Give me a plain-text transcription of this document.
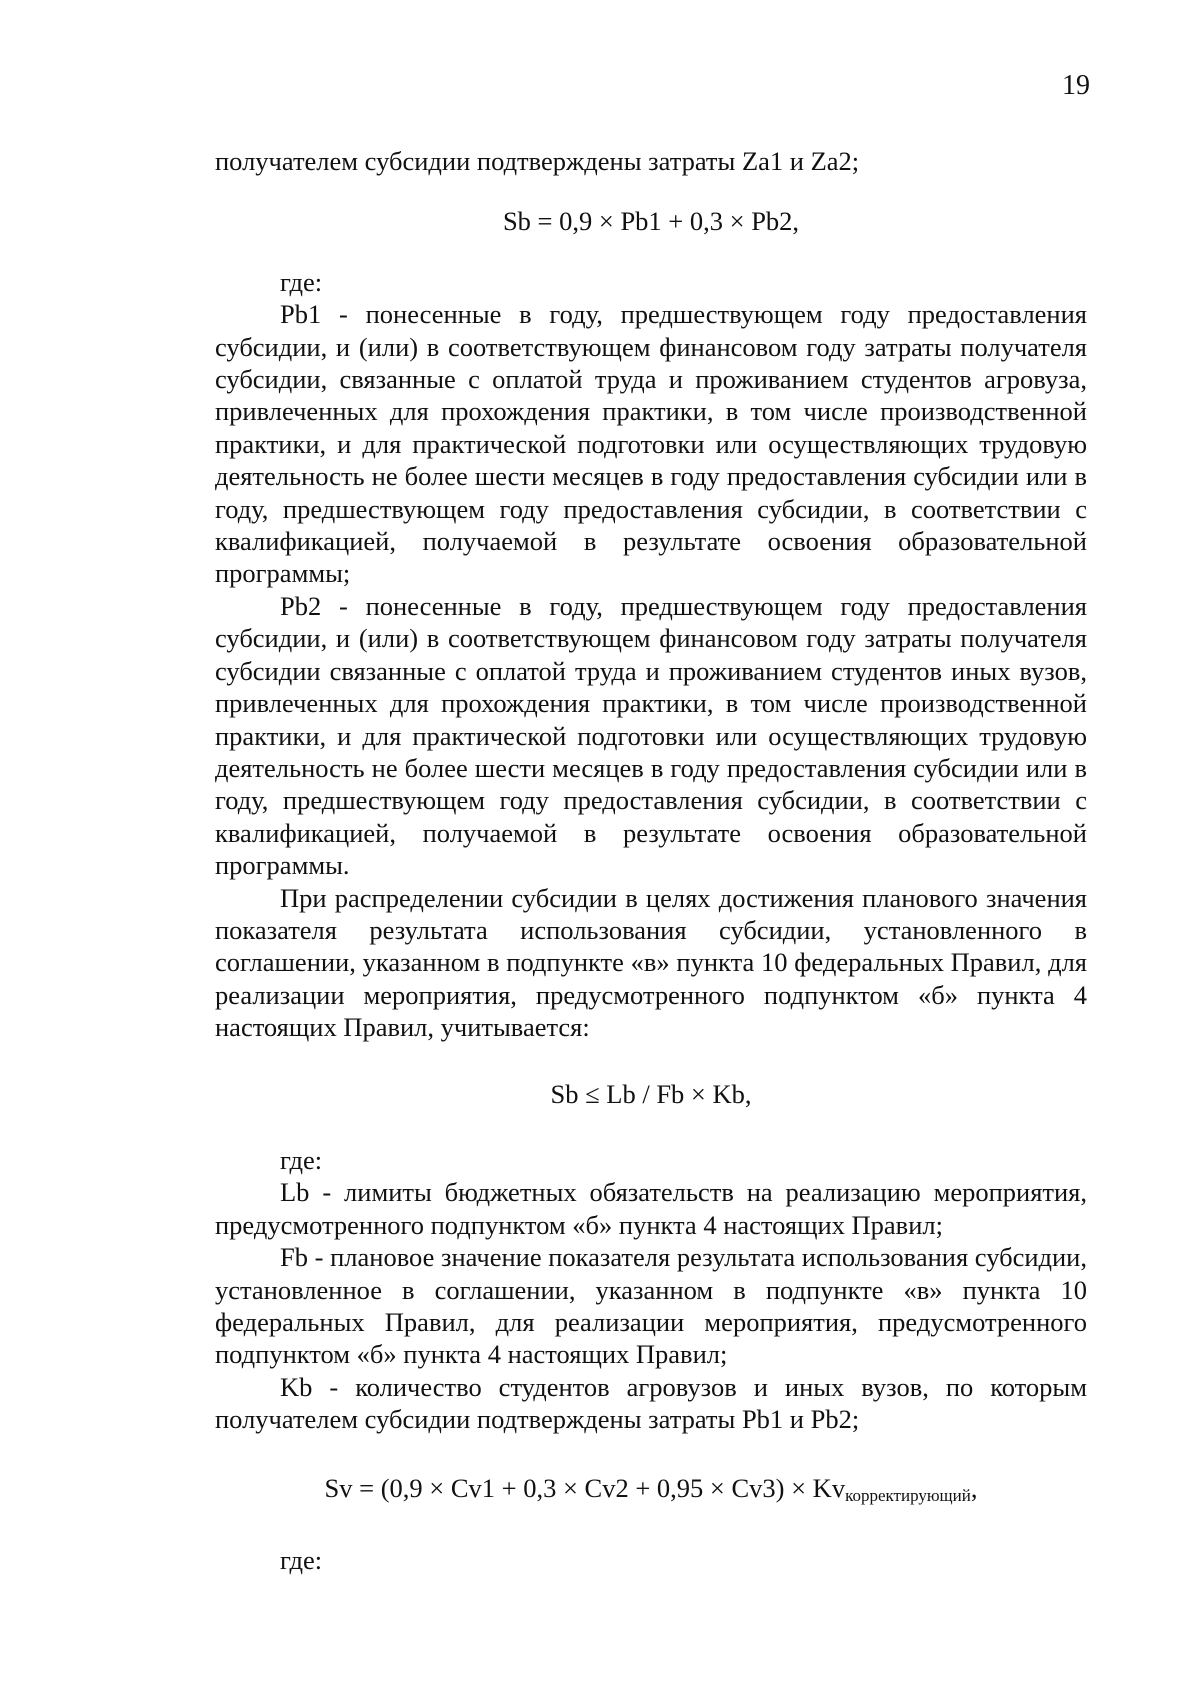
19

получателем субсидии подтверждены затраты Za1 и Za2;

Sb = 0,9 × Pb1 + 0,3 × Pb2,

где:

Pb1 - понесенные в году, предшествующем году предоставления субсидии, и (или) в соответствующем финансовом году затраты получателя субсидии, связанные с оплатой труда и проживанием студентов агровуза, привлеченных для прохождения практики, в том числе производственной практики, и для практической подготовки или осуществляющих трудовую деятельность не более шести месяцев в году предоставления субсидии или в году, предшествующем году предоставления субсидии, в соответствии с квалификацией, получаемой в результате освоения образовательной программы;

Pb2 - понесенные в году, предшествующем году предоставления субсидии, и (или) в соответствующем финансовом году затраты получателя субсидии связанные с оплатой труда и проживанием студентов иных вузов, привлеченных для прохождения практики, в том числе производственной практики, и для практической подготовки или осуществляющих трудовую деятельность не более шести месяцев в году предоставления субсидии или в году, предшествующем году предоставления субсидии, в соответствии с квалификацией, получаемой в результате освоения образовательной программы.

При распределении субсидии в целях достижения планового значения показателя результата использования субсидии, установленного в соглашении, указанном в подпункте «в» пункта 10 федеральных Правил, для реализации мероприятия, предусмотренного подпунктом «б» пункта 4 настоящих Правил, учитывается:

Sb ≤ Lb / Fb × Kb,

где:

Lb - лимиты бюджетных обязательств на реализацию мероприятия, предусмотренного подпунктом «б» пункта 4 настоящих Правил;

Fb - плановое значение показателя результата использования субсидии, установленное в соглашении, указанном в подпункте «в» пункта 10 федеральных Правил, для реализации мероприятия, предусмотренного подпунктом «б» пункта 4 настоящих Правил;

Kb - количество студентов агровузов и иных вузов, по которым получателем субсидии подтверждены затраты Pb1 и Pb2;

$Sv = (0,9 \times Cv1 + 0,3 \times Cv2 + 0,95 \times Cv3) \times Kv_{корректирующий}$,

где:
